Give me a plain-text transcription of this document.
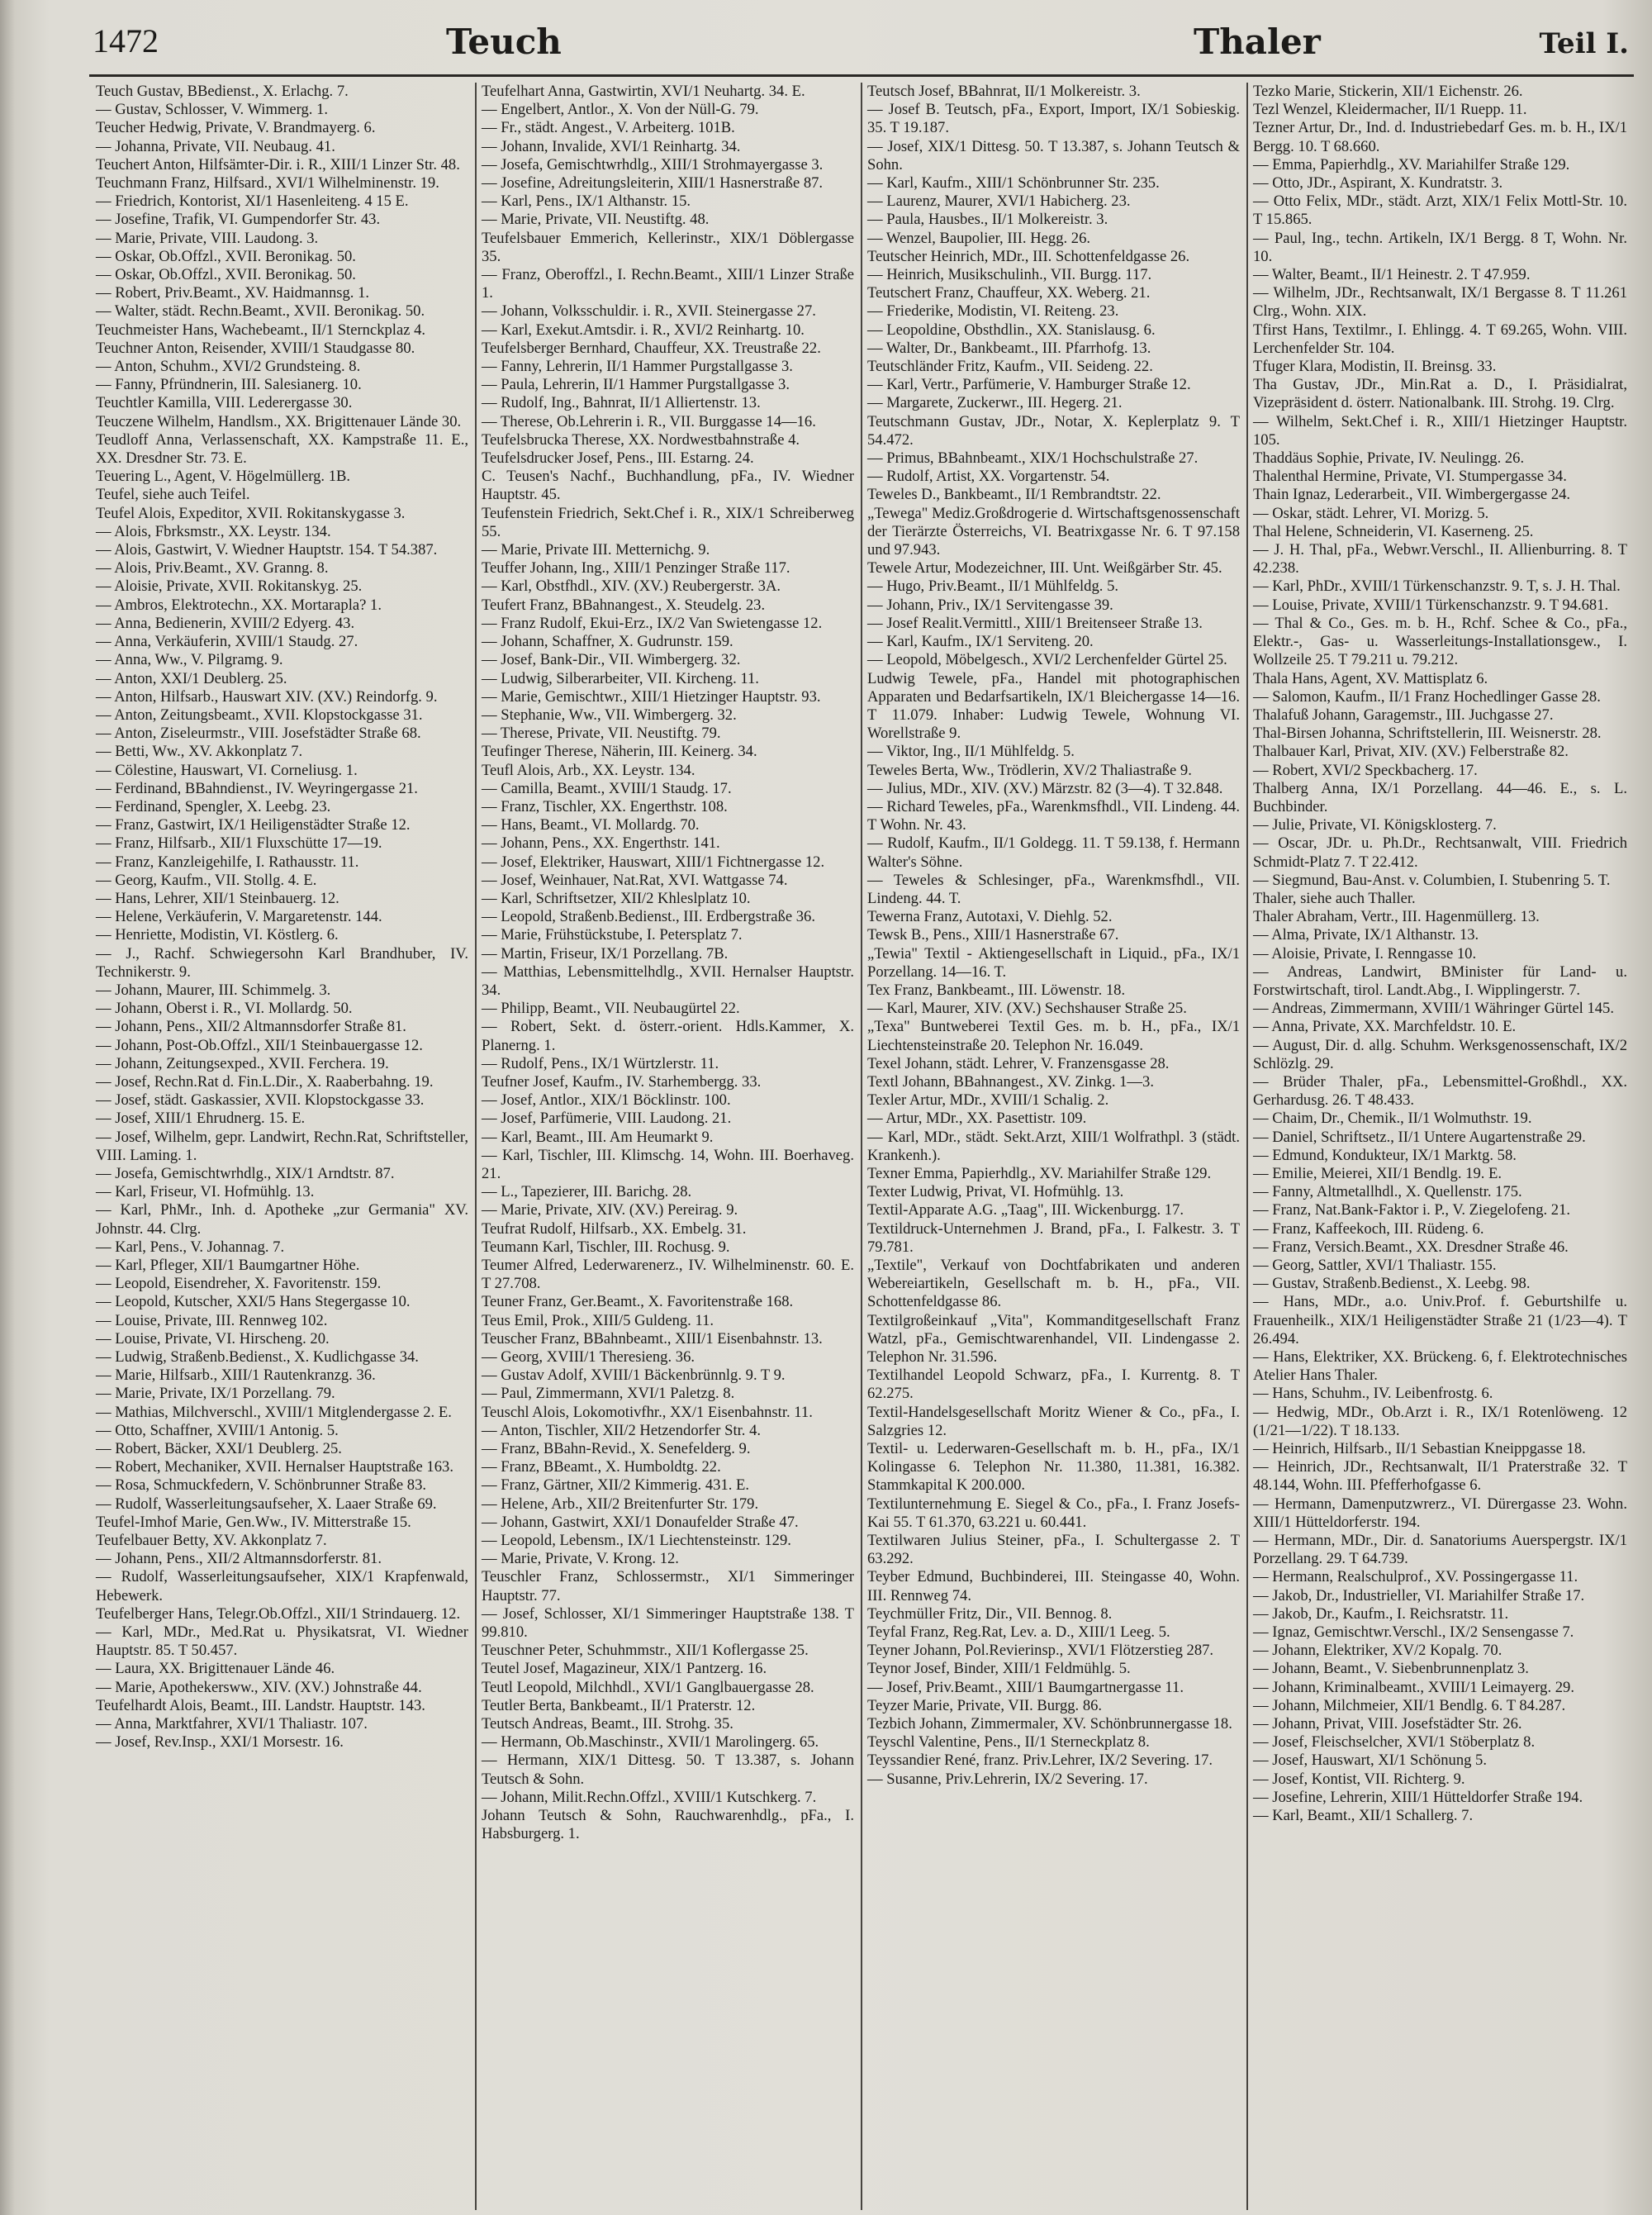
1472	Teuch	Thaler	Teil I.

Teuch Gustav, BBedienst., X. Erlachg. 7.

— Gustav, Schlosser, V. Wimmerg. 1.

Teucher Hedwig, Private, V. Brandmayerg. 6.

— Johanna, Private, VII. Neubaug. 41.

Teuchert Anton, Hilfsämter-Dir. i. R., XIII/1 Linzer Str. 48.

Teuchmann Franz, Hilfsard., XVI/1 Wilhelminenstr. 19.

— Friedrich, Kontorist, XI/1 Hasenleiteng. 4 15 E.

— Josefine, Trafik, VI. Gumpendorfer Str. 43.

— Marie, Private, VIII. Laudong. 3.

— Oskar, Ob.Offzl., XVII. Beronikag. 50.

— Oskar, Ob.Offzl., XVII. Beronikag. 50.

— Robert, Priv.Beamt., XV. Haidmannsg. 1.

— Walter, städt. Rechn.Beamt., XVII. Beronikag. 50.

Teuchmeister Hans, Wachebeamt., II/1 Sternckplaz 4.

Teuchner Anton, Reisender, XVIII/1 Staudgasse 80.

— Anton, Schuhm., XVI/2 Grundsteing. 8.

— Fanny, Pfründnerin, III. Salesianerg. 10.

Teuchtler Kamilla, VIII. Lederergasse 30.

Teuczene Wilhelm, Handlsm., XX. Brigittenauer Lände 30.

Teudloff Anna, Verlassenschaft, XX. Kampstraße 11. E., XX. Dresdner Str. 73. E.

Teuering L., Agent, V. Högelmüllerg. 1B.

Teufel, siehe auch Teifel.

Teufel Alois, Expeditor, XVII. Rokitanskygasse 3.

— Alois, Fbrksmstr., XX. Leystr. 134.

— Alois, Gastwirt, V. Wiedner Hauptstr. 154. T 54.387.

— Alois, Priv.Beamt., XV. Granng. 8.

— Aloisie, Private, XVII. Rokitanskyg. 25.

— Ambros, Elektrotechn., XX. Mortarapla? 1.

— Anna, Bedienerin, XVIII/2 Edyerg. 43.

— Anna, Verkäuferin, XVIII/1 Staudg. 27.

— Anna, Ww., V. Pilgramg. 9.

— Anton, XXI/1 Deublerg. 25.

— Anton, Hilfsarb., Hauswart XIV. (XV.) Reindorfg. 9.

— Anton, Zeitungsbeamt., XVII. Klopstockgasse 31.

— Anton, Ziseleurmstr., VIII. Josefstädter Straße 68.

— Betti, Ww., XV. Akkonplatz 7.

— Cölestine, Hauswart, VI. Corneliusg. 1.

— Ferdinand, BBahndienst., IV. Weyringergasse 21.

— Ferdinand, Spengler, X. Leebg. 23.

— Franz, Gastwirt, IX/1 Heiligenstädter Straße 12.

— Franz, Hilfsarb., XII/1 Fluxschütte 17—19.

— Franz, Kanzleigehilfe, I. Rathausstr. 11.

— Georg, Kaufm., VII. Stollg. 4. E.

— Hans, Lehrer, XII/1 Steinbauerg. 12.

— Helene, Verkäuferin, V. Margaretenstr. 144.

— Henriette, Modistin, VI. Köstlerg. 6.

— J., Rachf. Schwiegersohn Karl Brandhuber, IV. Technikerstr. 9.

— Johann, Maurer, III. Schimmelg. 3.

— Johann, Oberst i. R., VI. Mollardg. 50.

— Johann, Pens., XII/2 Altmannsdorfer Straße 81.

— Johann, Post-Ob.Offzl., XII/1 Steinbauergasse 12.

— Johann, Zeitungsexped., XVII. Ferchera. 19.

— Josef, Rechn.Rat d. Fin.L.Dir., X. Raaberbahng. 19.

— Josef, städt. Gaskassier, XVII. Klopstockgasse 33.

— Josef, XIII/1 Ehrudnerg. 15. E.

— Josef, Wilhelm, gepr. Landwirt, Rechn.Rat, Schriftsteller, VIII. Laming. 1.

— Josefa, Gemischtwrhdlg., XIX/1 Arndtstr. 87.

— Karl, Friseur, VI. Hofmühlg. 13.

— Karl, PhMr., Inh. d. Apotheke „zur Germania" XV. Johnstr. 44. Clrg.

— Karl, Pens., V. Johannag. 7.

— Karl, Pfleger, XII/1 Baumgartner Höhe.

— Leopold, Eisendreher, X. Favoritenstr. 159.

— Leopold, Kutscher, XXI/5 Hans Stegergasse 10.

— Louise, Private, III. Rennweg 102.

— Louise, Private, VI. Hirscheng. 20.

— Ludwig, Straßenb.Bedienst., X. Kudlichgasse 34.

— Marie, Hilfsarb., XIII/1 Rautenkranzg. 36.

— Marie, Private, IX/1 Porzellang. 79.

— Mathias, Milchverschl., XVIII/1 Mitglendergasse 2. E.

— Otto, Schaffner, XVIII/1 Antonig. 5.

— Robert, Bäcker, XXI/1 Deublerg. 25.

— Robert, Mechaniker, XVII. Hernalser Hauptstraße 163.

— Rosa, Schmuckfedern, V. Schönbrunner Straße 83.

— Rudolf, Wasserleitungsaufseher, X. Laaer Straße 69.

Teufel-Imhof Marie, Gen.Ww., IV. Mitterstraße 15.

Teufelbauer Betty, XV. Akkonplatz 7.

— Johann, Pens., XII/2 Altmannsdorferstr. 81.

— Rudolf, Wasserleitungsaufseher, XIX/1 Krapfenwald, Hebewerk.

Teufelberger Hans, Telegr.Ob.Offzl., XII/1 Strindauerg. 12.

— Karl, MDr., Med.Rat u. Physikatsrat, VI. Wiedner Hauptstr. 85. T 50.457.

— Laura, XX. Brigittenauer Lände 46.

— Marie, Apothekersww., XIV. (XV.) Johnstraße 44.

Teufelhardt Alois, Beamt., III. Landstr. Hauptstr. 143.

— Anna, Marktfahrer, XVI/1 Thaliastr. 107.

— Josef, Rev.Insp., XXI/1 Morsestr. 16.

Teufelhart Anna, Gastwirtin, XVI/1 Neuhartg. 34. E.

— Engelbert, Antlor., X. Von der Nüll-G. 79.

— Fr., städt. Angest., V. Arbeiterg. 101B.

— Johann, Invalide, XVI/1 Reinhartg. 34.

— Josefa, Gemischtwrhdlg., XIII/1 Strohmayergasse 3.

— Josefine, Adreitungsleiterin, XIII/1 Hasnerstraße 87.

— Karl, Pens., IX/1 Althanstr. 15.

— Marie, Private, VII. Neustiftg. 48.

Teufelsbauer Emmerich, Kellerinstr., XIX/1 Döblergasse 35.

— Franz, Oberoffzl., I. Rechn.Beamt., XIII/1 Linzer Straße 1.

— Johann, Volksschuldir. i. R., XVII. Steinergasse 27.

— Karl, Exekut.Amtsdir. i. R., XVI/2 Reinhartg. 10.

Teufelsberger Bernhard, Chauffeur, XX. Treustraße 22.

— Fanny, Lehrerin, II/1 Hammer Purgstallgasse 3.

— Paula, Lehrerin, II/1 Hammer Purgstallgasse 3.

— Rudolf, Ing., Bahnrat, II/1 Alliertenstr. 13.

— Therese, Ob.Lehrerin i. R., VII. Burggasse 14—16.

Teufelsbrucka Therese, XX. Nordwestbahnstraße 4.

Teufelsdrucker Josef, Pens., III. Estarng. 24.

C. Teusen's Nachf., Buchhandlung, pFa., IV. Wiedner Hauptstr. 45.

Teufenstein Friedrich, Sekt.Chef i. R., XIX/1 Schreiberweg 55.

— Marie, Private III. Metternichg. 9.

Teuffer Johann, Ing., XIII/1 Penzinger Straße 117.

— Karl, Obstfhdl., XIV. (XV.) Reubergerstr. 3A.

Teufert Franz, BBahnangest., X. Steudelg. 23.

— Franz Rudolf, Ekui-Erz., IX/2 Van Swietengasse 12.

— Johann, Schaffner, X. Gudrunstr. 159.

— Josef, Bank-Dir., VII. Wimbergerg. 32.

— Ludwig, Silberarbeiter, VII. Kircheng. 11.

— Marie, Gemischtwr., XIII/1 Hietzinger Hauptstr. 93.

— Stephanie, Ww., VII. Wimbergerg. 32.

— Therese, Private, VII. Neustiftg. 79.

Teufinger Therese, Näherin, III. Keinerg. 34.

Teufl Alois, Arb., XX. Leystr. 134.

— Camilla, Beamt., XVIII/1 Staudg. 17.

— Franz, Tischler, XX. Engerthstr. 108.

— Hans, Beamt., VI. Mollardg. 70.

— Johann, Pens., XX. Engerthstr. 141.

— Josef, Elektriker, Hauswart, XIII/1 Fichtnergasse 12.

— Josef, Weinhauer, Nat.Rat, XVI. Wattgasse 74.

— Karl, Schriftsetzer, XII/2 Khleslplatz 10.

— Leopold, Straßenb.Bedienst., III. Erdbergstraße 36.

— Marie, Frühstückstube, I. Petersplatz 7.

— Martin, Friseur, IX/1 Porzellang. 7B.

— Matthias, Lebensmittelhdlg., XVII. Hernalser Hauptstr. 34.

— Philipp, Beamt., VII. Neubaugürtel 22.

— Robert, Sekt. d. österr.-orient. Hdls.Kammer, X. Planerng. 1.

— Rudolf, Pens., IX/1 Würtzlerstr. 11.

Teufner Josef, Kaufm., IV. Starhembergg. 33.

— Josef, Antlor., XIX/1 Böcklinstr. 100.

— Josef, Parfümerie, VIII. Laudong. 21.

— Karl, Beamt., III. Am Heumarkt 9.

— Karl, Tischler, III. Klimschg. 14, Wohn. III. Boerhaveg. 21.

— L., Tapezierer, III. Barichg. 28.

— Marie, Private, XIV. (XV.) Pereirag. 9.

Teufrat Rudolf, Hilfsarb., XX. Embelg. 31.

Teumann Karl, Tischler, III. Rochusg. 9.

Teumer Alfred, Lederwarenerz., IV. Wilhelminenstr. 60. E. T 27.708.

Teuner Franz, Ger.Beamt., X. Favoritenstraße 168.

Teus Emil, Prok., XIII/5 Guldeng. 11.

Teuscher Franz, BBahnbeamt., XIII/1 Eisenbahnstr. 13.

— Georg, XVIII/1 Theresieng. 36.

— Gustav Adolf, XVIII/1 Bäckenbrünnlg. 9. T 9.

— Paul, Zimmermann, XVI/1 Paletzg. 8.

Teuschl Alois, Lokomotivfhr., XX/1 Eisenbahnstr. 11.

— Anton, Tischler, XII/2 Hetzendorfer Str. 4.

— Franz, BBahn-Revid., X. Senefelderg. 9.

— Franz, BBeamt., X. Humboldtg. 22.

— Franz, Gärtner, XII/2 Kimmerig. 431. E.

— Helene, Arb., XII/2 Breitenfurter Str. 179.

— Johann, Gastwirt, XXI/1 Donaufelder Straße 47.

— Leopold, Lebensm., IX/1 Liechtensteinstr. 129.

— Marie, Private, V. Krong. 12.

Teuschler Franz, Schlossermstr., XI/1 Simmeringer Hauptstr. 77.

— Josef, Schlosser, XI/1 Simmeringer Hauptstraße 138. T 99.810.

Teuschner Peter, Schuhmmstr., XII/1 Koflergasse 25.

Teutel Josef, Magazineur, XIX/1 Pantzerg. 16.

Teutl Leopold, Milchhdl., XVI/1 Ganglbauergasse 28.

Teutler Berta, Bankbeamt., II/1 Praterstr. 12.

Teutsch Andreas, Beamt., III. Strohg. 35.

— Hermann, Ob.Maschinstr., XVII/1 Marolingerg. 65.

— Hermann, XIX/1 Dittesg. 50. T 13.387, s. Johann Teutsch & Sohn.

— Johann, Milit.Rechn.Offzl., XVIII/1 Kutschkerg. 7.

Johann Teutsch & Sohn, Rauchwarenhdlg., pFa., I. Habsburgerg. 1.

Teutsch Josef, BBahnrat, II/1 Molkereistr. 3.

— Josef B. Teutsch, pFa., Export, Import, IX/1 Sobieskig. 35. T 19.187.

— Josef, XIX/1 Dittesg. 50. T 13.387, s. Johann Teutsch & Sohn.

— Karl, Kaufm., XIII/1 Schönbrunner Str. 235.

— Laurenz, Maurer, XVI/1 Habicherg. 23.

— Paula, Hausbes., II/1 Molkereistr. 3.

— Wenzel, Baupolier, III. Hegg. 26.

Teutscher Heinrich, MDr., III. Schottenfeldgasse 26.

— Heinrich, Musikschulinh., VII. Burgg. 117.

Teutschert Franz, Chauffeur, XX. Weberg. 21.

— Friederike, Modistin, VI. Reiteng. 23.

— Leopoldine, Obsthdlin., XX. Stanislausg. 6.

— Walter, Dr., Bankbeamt., III. Pfarrhofg. 13.

Teutschländer Fritz, Kaufm., VII. Seideng. 22.

— Karl, Vertr., Parfümerie, V. Hamburger Straße 12.

— Margarete, Zuckerwr., III. Hegerg. 21.

Teutschmann Gustav, JDr., Notar, X. Keplerplatz 9. T 54.472.

— Primus, BBahnbeamt., XIX/1 Hochschulstraße 27.

— Rudolf, Artist, XX. Vorgartenstr. 54.

Teweles D., Bankbeamt., II/1 Rembrandtstr. 22.

„Tewega" Mediz.Großdrogerie d. Wirtschaftsgenossenschaft der Tierärzte Österreichs, VI. Beatrixgasse Nr. 6. T 97.158 und 97.943.

Tewele Artur, Modezeichner, III. Unt. Weißgärber Str. 45.

— Hugo, Priv.Beamt., II/1 Mühlfeldg. 5.

— Johann, Priv., IX/1 Servitengasse 39.

— Josef Realit.Vermittl., XIII/1 Breitenseer Straße 13.

— Karl, Kaufm., IX/1 Serviteng. 20.

— Leopold, Möbelgesch., XVI/2 Lerchenfelder Gürtel 25.

Ludwig Tewele, pFa., Handel mit photographischen Apparaten und Bedarfsartikeln, IX/1 Bleichergasse 14—16. T 11.079. Inhaber: Ludwig Tewele, Wohnung VI. Worellstraße 9.

— Viktor, Ing., II/1 Mühlfeldg. 5.

Teweles Berta, Ww., Trödlerin, XV/2 Thaliastraße 9.

— Julius, MDr., XIV. (XV.) Märzstr. 82 (3—4). T 32.848.

— Richard Teweles, pFa., Warenkmsfhdl., VII. Lindeng. 44. T Wohn. Nr. 43.

— Rudolf, Kaufm., II/1 Goldegg. 11. T 59.138, f. Hermann Walter's Söhne.

— Teweles & Schlesinger, pFa., Warenkmsfhdl., VII. Lindeng. 44. T.

Tewerna Franz, Autotaxi, V. Diehlg. 52.

Tewsk B., Pens., XIII/1 Hasnerstraße 67.

„Tewia" Textil - Aktiengesellschaft in Liquid., pFa., IX/1 Porzellang. 14—16. T.

Tex Franz, Bankbeamt., III. Löwenstr. 18.

— Karl, Maurer, XIV. (XV.) Sechshauser Straße 25.

„Texa" Buntweberei Textil Ges. m. b. H., pFa., IX/1 Liechtensteinstraße 20. Telephon Nr. 16.049.

Texel Johann, städt. Lehrer, V. Franzensgasse 28.

Textl Johann, BBahnangest., XV. Zinkg. 1—3.

Texler Artur, MDr., XVIII/1 Schalig. 2.

— Artur, MDr., XX. Pasettistr. 109.

— Karl, MDr., städt. Sekt.Arzt, XIII/1 Wolfrathpl. 3 (städt. Krankenh.).

Texner Emma, Papierhdlg., XV. Mariahilfer Straße 129.

Texter Ludwig, Privat, VI. Hofmühlg. 13.

Textil-Apparate A.G. „Taag", III. Wickenburgg. 17.

Textildruck-Unternehmen J. Brand, pFa., I. Falkestr. 3. T 79.781.

„Textile", Verkauf von Dochtfabrikaten und anderen Webereiartikeln, Gesellschaft m. b. H., pFa., VII. Schottenfeldgasse 86.

Textilgroßeinkauf „Vita", Kommanditgesellschaft Franz Watzl, pFa., Gemischtwarenhandel, VII. Lindengasse 2. Telephon Nr. 31.596.

Textilhandel Leopold Schwarz, pFa., I. Kurrentg. 8. T 62.275.

Textil-Handelsgesellschaft Moritz Wiener & Co., pFa., I. Salzgries 12.

Textil- u. Lederwaren-Gesellschaft m. b. H., pFa., IX/1 Kolingasse 6. Telephon Nr. 11.380, 11.381, 16.382. Stammkapital K 200.000.

Textilunternehmung E. Siegel & Co., pFa., I. Franz Josefs-Kai 55. T 61.370, 63.221 u. 60.441.

Textilwaren Julius Steiner, pFa., I. Schultergasse 2. T 63.292.

Teyber Edmund, Buchbinderei, III. Steingasse 40, Wohn. III. Rennweg 74.

Teychmüller Fritz, Dir., VII. Bennog. 8.

Teyfal Franz, Reg.Rat, Lev. a. D., XIII/1 Leeg. 5.

Teyner Johann, Pol.Revierinsp., XVI/1 Flötzerstieg 287.

Teynor Josef, Binder, XIII/1 Feldmühlg. 5.

— Josef, Priv.Beamt., XIII/1 Baumgartnergasse 11.

Teyzer Marie, Private, VII. Burgg. 86.

Tezbich Johann, Zimmermaler, XV. Schönbrunnergasse 18.

Teyschl Valentine, Pens., II/1 Sterneckplatz 8.

Teyssandier René, franz. Priv.Lehrer, IX/2 Severing. 17.

— Susanne, Priv.Lehrerin, IX/2 Severing. 17.

Tezko Marie, Stickerin, XII/1 Eichenstr. 26.

Tezl Wenzel, Kleidermacher, II/1 Ruepp. 11.

Tezner Artur, Dr., Ind. d. Industriebedarf Ges. m. b. H., IX/1 Bergg. 10. T 68.660.

— Emma, Papierhdlg., XV. Mariahilfer Straße 129.

— Otto, JDr., Aspirant, X. Kundratstr. 3.

— Otto Felix, MDr., städt. Arzt, XIX/1 Felix Mottl-Str. 10. T 15.865.

— Paul, Ing., techn. Artikeln, IX/1 Bergg. 8 T, Wohn. Nr. 10.

— Walter, Beamt., II/1 Heinestr. 2. T 47.959.

— Wilhelm, JDr., Rechtsanwalt, IX/1 Bergasse 8. T 11.261 Clrg., Wohn. XIX.

Tfirst Hans, Textilmr., I. Ehlingg. 4. T 69.265, Wohn. VIII. Lerchenfelder Str. 104.

Tfuger Klara, Modistin, II. Breinsg. 33.

Tha Gustav, JDr., Min.Rat a. D., I. Präsidialrat, Vizepräsident d. österr. Nationalbank. III. Strohg. 19. Clrg.

— Wilhelm, Sekt.Chef i. R., XIII/1 Hietzinger Hauptstr. 105.

Thaddäus Sophie, Private, IV. Neulingg. 26.

Thalenthal Hermine, Private, VI. Stumpergasse 34.

Thain Ignaz, Lederarbeit., VII. Wimbergergasse 24.

— Oskar, städt. Lehrer, VI. Morizg. 5.

Thal Helene, Schneiderin, VI. Kaserneng. 25.

— J. H. Thal, pFa., Webwr.Verschl., II. Allienburring. 8. T 42.238.

— Karl, PhDr., XVIII/1 Türkenschanzstr. 9. T, s. J. H. Thal.

— Louise, Private, XVIII/1 Türkenschanzstr. 9. T 94.681.

— Thal & Co., Ges. m. b. H., Rchf. Schee & Co., pFa., Elektr.-, Gas- u. Wasserleitungs-Installationsgew., I. Wollzeile 25. T 79.211 u. 79.212.

Thala Hans, Agent, XV. Mattisplatz 6.

— Salomon, Kaufm., II/1 Franz Hochedlinger Gasse 28.

Thalafuß Johann, Garagemstr., III. Juchgasse 27.

Thal-Birsen Johanna, Schriftstellerin, III. Weisnerstr. 28.

Thalbauer Karl, Privat, XIV. (XV.) Felberstraße 82.

— Robert, XVI/2 Speckbacherg. 17.

Thalberg Anna, IX/1 Porzellang. 44—46. E., s. L. Buchbinder.

— Julie, Private, VI. Königsklosterg. 7.

— Oscar, JDr. u. Ph.Dr., Rechtsanwalt, VIII. Friedrich Schmidt-Platz 7. T 22.412.

— Siegmund, Bau-Anst. v. Columbien, I. Stubenring 5. T.

Thaler, siehe auch Thaller.

Thaler Abraham, Vertr., III. Hagenmüllerg. 13.

— Alma, Private, IX/1 Althanstr. 13.

— Aloisie, Private, I. Renngasse 10.

— Andreas, Landwirt, BMinister für Land- u. Forstwirtschaft, tirol. Landt.Abg., I. Wipplingerstr. 7.

— Andreas, Zimmermann, XVIII/1 Währinger Gürtel 145.

— Anna, Private, XX. Marchfeldstr. 10. E.

— August, Dir. d. allg. Schuhm. Werksgenossenschaft, IX/2 Schlözlg. 29.

— Brüder Thaler, pFa., Lebensmittel-Großhdl., XX. Gerhardusg. 26. T 48.433.

— Chaim, Dr., Chemik., II/1 Wolmuthstr. 19.

— Daniel, Schriftsetz., II/1 Untere Augartenstraße 29.

— Edmund, Kondukteur, IX/1 Marktg. 58.

— Emilie, Meierei, XII/1 Bendlg. 19. E.

— Fanny, Altmetallhdl., X. Quellenstr. 175.

— Franz, Nat.Bank-Faktor i. P., V. Ziegelofeng. 21.

— Franz, Kaffeekoch, III. Rüdeng. 6.

— Franz, Versich.Beamt., XX. Dresdner Straße 46.

— Georg, Sattler, XVI/1 Thaliastr. 155.

— Gustav, Straßenb.Bedienst., X. Leebg. 98.

— Hans, MDr., a.o. Univ.Prof. f. Geburtshilfe u. Frauenheilk., XIX/1 Heiligenstädter Straße 21 (1/23—4). T 26.494.

— Hans, Elektriker, XX. Brückeng. 6, f. Elektrotechnisches Atelier Hans Thaler.

— Hans, Schuhm., IV. Leibenfrostg. 6.

— Hedwig, MDr., Ob.Arzt i. R., IX/1 Rotenlöweng. 12 (1/21—1/22). T 18.133.

— Heinrich, Hilfsarb., II/1 Sebastian Kneippgasse 18.

— Heinrich, JDr., Rechtsanwalt, II/1 Praterstraße 32. T 48.144, Wohn. III. Pfefferhofgasse 6.

— Hermann, Damenputzwrerz., VI. Dürergasse 23. Wohn. XIII/1 Hütteldorferstr. 194.

— Hermann, MDr., Dir. d. Sanatoriums Auerspergstr. IX/1 Porzellang. 29. T 64.739.

— Hermann, Realschulprof., XV. Possingergasse 11.

— Jakob, Dr., Industrieller, VI. Mariahilfer Straße 17.

— Jakob, Dr., Kaufm., I. Reichsratstr. 11.

— Ignaz, Gemischtwr.Verschl., IX/2 Sensengasse 7.

— Johann, Elektriker, XV/2 Kopalg. 70.

— Johann, Beamt., V. Siebenbrunnenplatz 3.

— Johann, Kriminalbeamt., XVIII/1 Leimayerg. 29.

— Johann, Milchmeier, XII/1 Bendlg. 6. T 84.287.

— Johann, Privat, VIII. Josefstädter Str. 26.

— Josef, Fleischselcher, XVI/1 Stöberplatz 8.

— Josef, Hauswart, XI/1 Schönung 5.

— Josef, Kontist, VII. Richterg. 9.

— Josefine, Lehrerin, XIII/1 Hütteldorfer Straße 194.

— Karl, Beamt., XII/1 Schallerg. 7.
